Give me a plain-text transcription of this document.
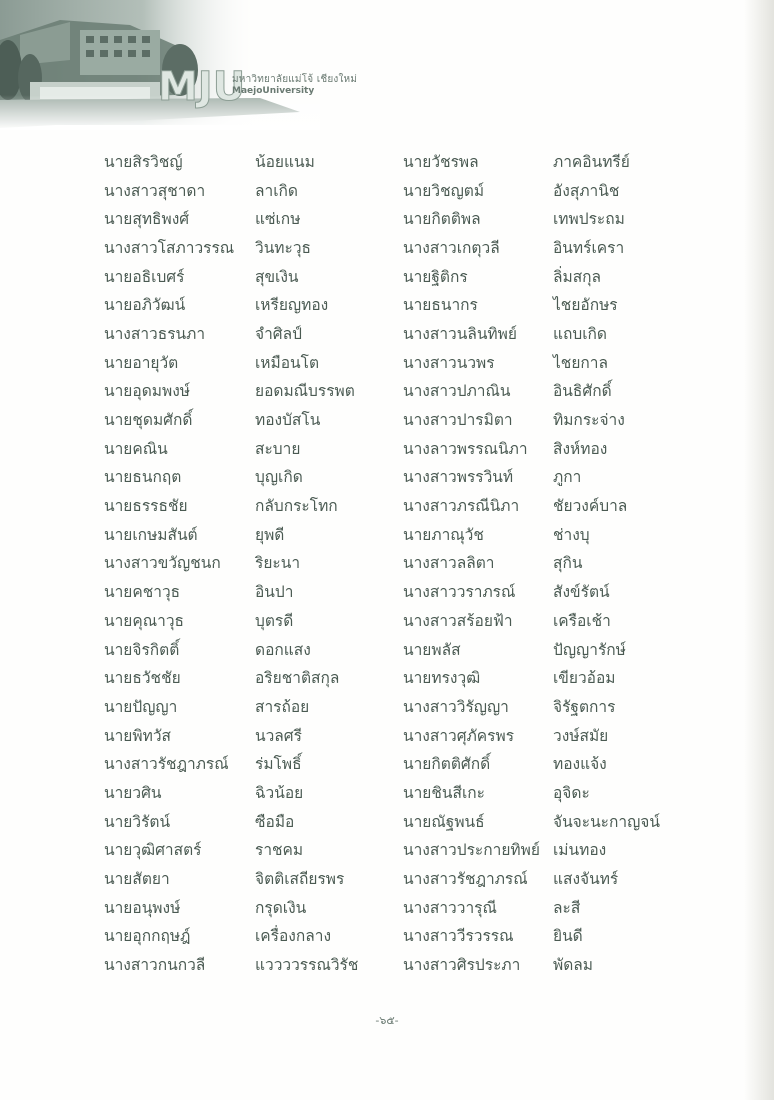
MJU
มหาวิทยาลัยแม่โจ้ เชียงใหม่
MaejoUniversity
นายสิรวิชญ์	น้อยแนม	นายวัชรพล	ภาคอินทรีย์
นางสาวสุชาดา	ลาเกิด	นายวิชญตม์	อังสุภานิช
นายสุทธิพงศ์	แซ่เกษ	นายกิตติพล	เทพประถม
นางสาวโสภาวรรณ	วินทะวุธ	นางสาวเกตุวลี	อินทร์เครา
นายอธิเบศร์	สุขเงิน	นายฐิติกร	ลิ่มสกุล
นายอภิวัฒน์	เหรียญทอง	นายธนากร	ไชยอักษร
นางสาวธรนภา	จำศิลป์	นางสาวนลินทิพย์	แถบเกิด
นายอายุวัต	เหมือนโต	นางสาวนวพร	ไชยกาล
นายอุดมพงษ์	ยอดมณีบรรพต	นางสาวปภาณิน	อินธิศักดิ์
นายชุดมศักดิ์	ทองบัสโน	นางสาวปารมิตา	ทิมกระจ่าง
นายคณิน	สะบาย	นางลาวพรรณนิภา	สิงห์ทอง
นายธนกฤต	บุญเกิด	นางสาวพรรวินท์	ภูกา
นายธรรธชัย	กลับกระโทก	นางสาวภรณีนิภา	ชัยวงค์บาล
นายเกษมสันต์	ยุพดี	นายภาณุวัช	ช่างบุ
นางสาวขวัญชนก	ริยะนา	นางสาวลลิตา	สุกิน
นายคชาวุธ	อินปา	นางสาววราภรณ์	สังข์รัตน์
นายคุณาวุธ	บุตรดี	นางสาวสร้อยฟ้า	เครือเช้า
นายจิรกิตติ์	ดอกแสง	นายพลัส	ปัญญารักษ์
นายธวัชชัย	อริยชาติสกุล	นายทรงวุฒิ	เขียวอ้อม
นายปัญญา	สารถ้อย	นางสาววิรัญญา	จิรัฐตการ
นายพิทวัส	นวลศรี	นางสาวศุภัครพร	วงษ์สมัย
นางสาวรัชฎาภรณ์	ร่มโพธิ์	นายกิตติศักดิ์	ทองแจ้ง
นายวศิน	ฉิวน้อย	นายชินสีเกะ	อุจิดะ
นายวิรัตน์	ซือมือ	นายณัฐพนธ์	จันจะนะกาญจน์
นายวุฒิศาสตร์	ราชคม	นางสาวประกายทิพย์ เม่นทอง
นายสัตยา	จิตติเสถียรพร	นางสาวรัชฎาภรณ์	แสงจันทร์
นายอนุพงษ์	กรุดเงิน	นางสาววารุณี	ละสี
นายอุกกฤษฎ์	เครื่องกลาง	นางสาววีรวรรณ	ยินดี
นางสาวกนกวลี	แววววรรณวิรัช	นางสาวศิรประภา	พัดลม
-๖๕-
